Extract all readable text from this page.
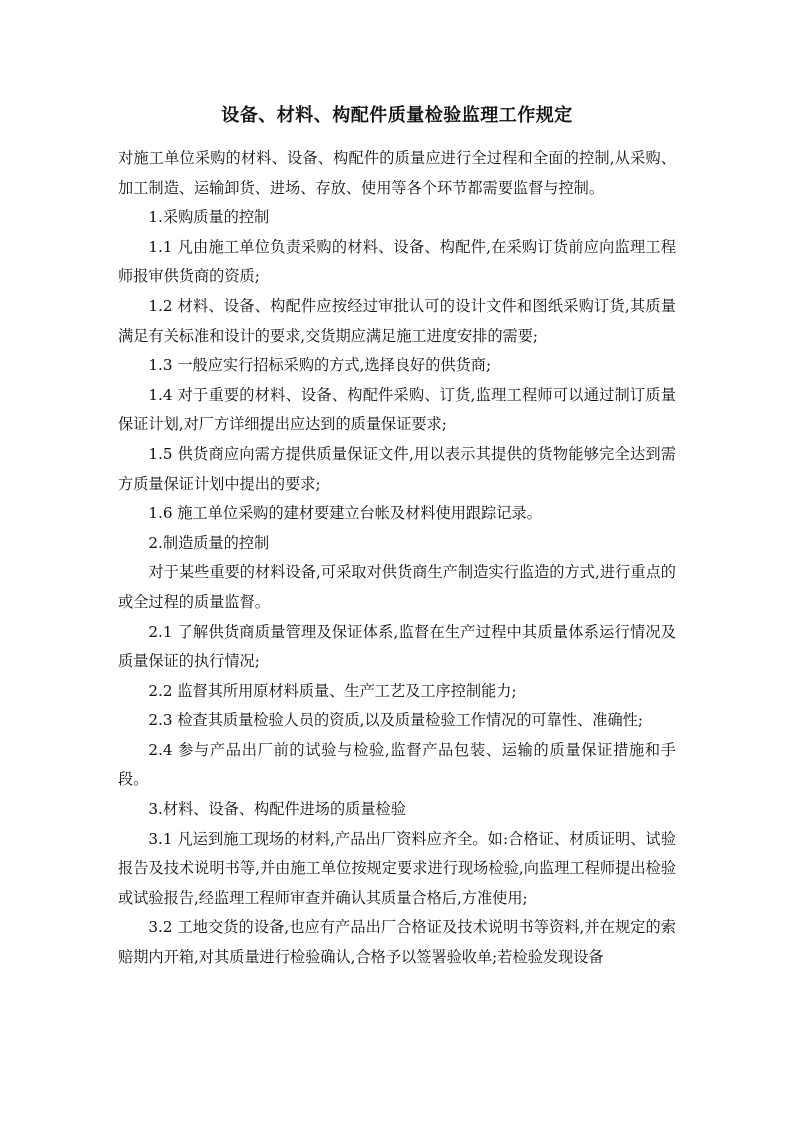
设备、材料、构配件质量检验监理工作规定

对施工单位采购的材料、设备、构配件的质量应进行全过程和全面的控制,从采购、加工制造、运输卸货、进场、存放、使用等各个环节都需要监督与控制。

1.采购质量的控制

1.1 凡由施工单位负责采购的材料、设备、构配件,在采购订货前应向监理工程师报审供货商的资质;

1.2 材料、设备、构配件应按经过审批认可的设计文件和图纸采购订货,其质量满足有关标准和设计的要求,交货期应满足施工进度安排的需要;

1.3 一般应实行招标采购的方式,选择良好的供货商;

1.4 对于重要的材料、设备、构配件采购、订货,监理工程师可以通过制订质量保证计划,对厂方详细提出应达到的质量保证要求;

1.5 供货商应向需方提供质量保证文件,用以表示其提供的货物能够完全达到需方质量保证计划中提出的要求;

1.6 施工单位采购的建材要建立台帐及材料使用跟踪记录。

2.制造质量的控制

对于某些重要的材料设备,可采取对供货商生产制造实行监造的方式,进行重点的或全过程的质量监督。

2.1 了解供货商质量管理及保证体系,监督在生产过程中其质量体系运行情况及质量保证的执行情况;

2.2 监督其所用原材料质量、生产工艺及工序控制能力;

2.3 检查其质量检验人员的资质,以及质量检验工作情况的可靠性、准确性;

2.4 参与产品出厂前的试验与检验,监督产品包装、运输的质量保证措施和手段。

3.材料、设备、构配件进场的质量检验

3.1 凡运到施工现场的材料,产品出厂资料应齐全。如:合格证、材质证明、试验报告及技术说明书等,并由施工单位按规定要求进行现场检验,向监理工程师提出检验或试验报告,经监理工程师审查并确认其质量合格后,方准使用;

3.2 工地交货的设备,也应有产品出厂合格证及技术说明书等资料,并在规定的索赔期内开箱,对其质量进行检验确认,合格予以签署验收单;若检验发现设备
